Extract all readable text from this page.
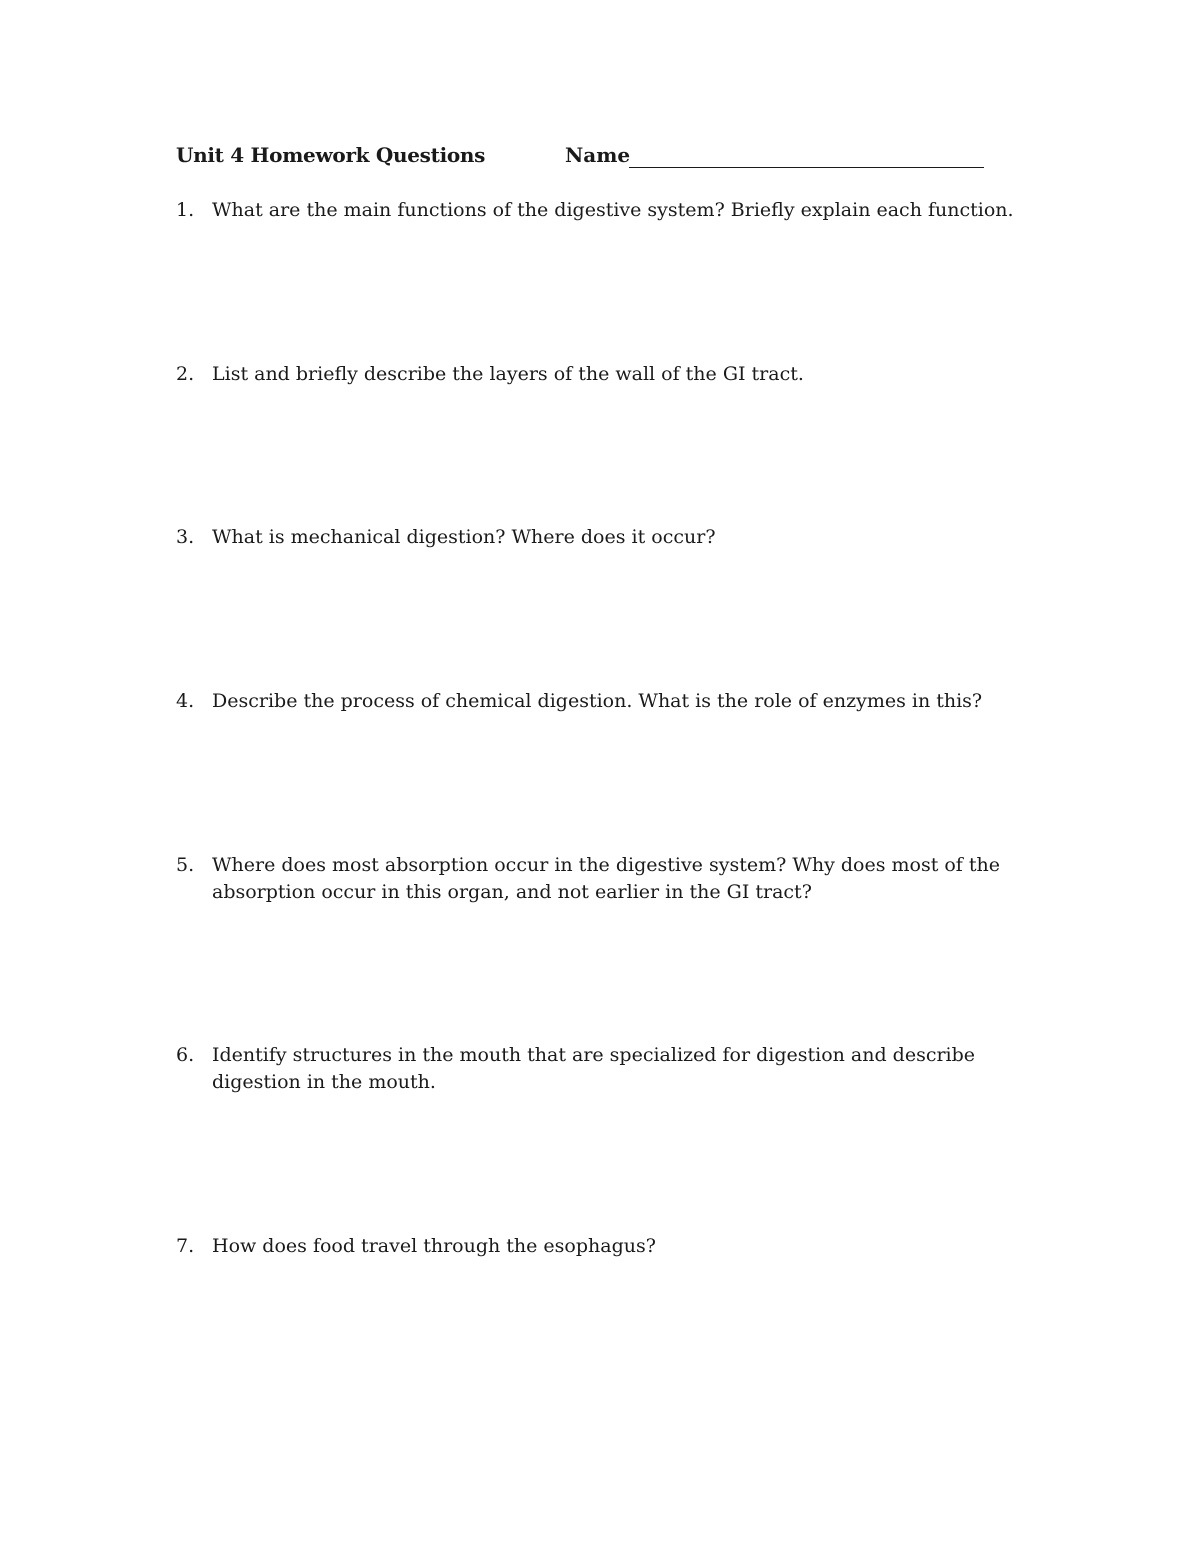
Unit 4 Homework Questions	Name
1. What are the main functions of the digestive system? Briefly explain each function.
2. List and briefly describe the layers of the wall of the GI tract.
3. What is mechanical digestion? Where does it occur?
4. Describe the process of chemical digestion. What is the role of enzymes in this?
5. Where does most absorption occur in the digestive system? Why does most of the absorption occur in this organ, and not earlier in the GI tract?
6. Identify structures in the mouth that are specialized for digestion and describe digestion in the mouth.
7. How does food travel through the esophagus?
